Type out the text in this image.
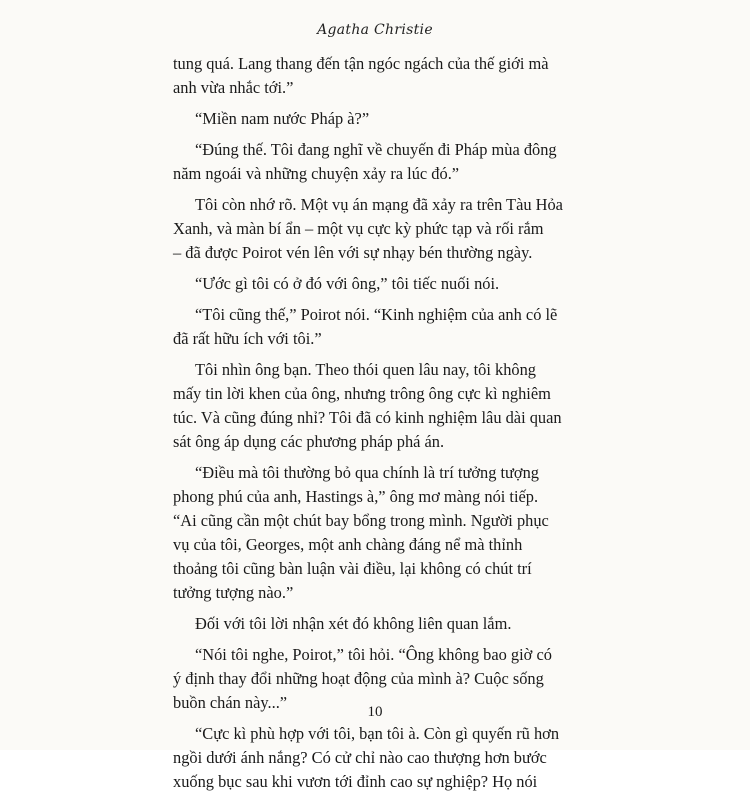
Agatha Christie
tung quá. Lang thang đến tận ngóc ngách của thế giới mà
anh vừa nhắc tới.”
“Miền nam nước Pháp à?”
“Đúng thế. Tôi đang nghĩ về chuyến đi Pháp mùa đông
năm ngoái và những chuyện xảy ra lúc đó.”
Tôi còn nhớ rõ. Một vụ án mạng đã xảy ra trên Tàu Hỏa
Xanh, và màn bí ẩn – một vụ cực kỳ phức tạp và rối rắm
– đã được Poirot vén lên với sự nhạy bén thường ngày.
“Ước gì tôi có ở đó với ông,” tôi tiếc nuối nói.
“Tôi cũng thế,” Poirot nói. “Kinh nghiệm của anh có lẽ
đã rất hữu ích với tôi.”
Tôi nhìn ông bạn. Theo thói quen lâu nay, tôi không
mấy tin lời khen của ông, nhưng trông ông cực kì nghiêm
túc. Và cũng đúng nhỉ? Tôi đã có kinh nghiệm lâu dài quan
sát ông áp dụng các phương pháp phá án.
“Điều mà tôi thường bỏ qua chính là trí tưởng tượng
phong phú của anh, Hastings à,” ông mơ màng nói tiếp.
“Ai cũng cần một chút bay bổng trong mình. Người phục
vụ của tôi, Georges, một anh chàng đáng nể mà thỉnh
thoảng tôi cũng bàn luận vài điều, lại không có chút trí
tưởng tượng nào.”
Đối với tôi lời nhận xét đó không liên quan lắm.
“Nói tôi nghe, Poirot,” tôi hỏi. “Ông không bao giờ có
ý định thay đổi những hoạt động của mình à? Cuộc sống
buồn chán này...”
“Cực kì phù hợp với tôi, bạn tôi à. Còn gì quyến rũ hơn
ngồi dưới ánh nắng? Có cử chỉ nào cao thượng hơn bước
xuống bục sau khi vươn tới đỉnh cao sự nghiệp? Họ nói
10
